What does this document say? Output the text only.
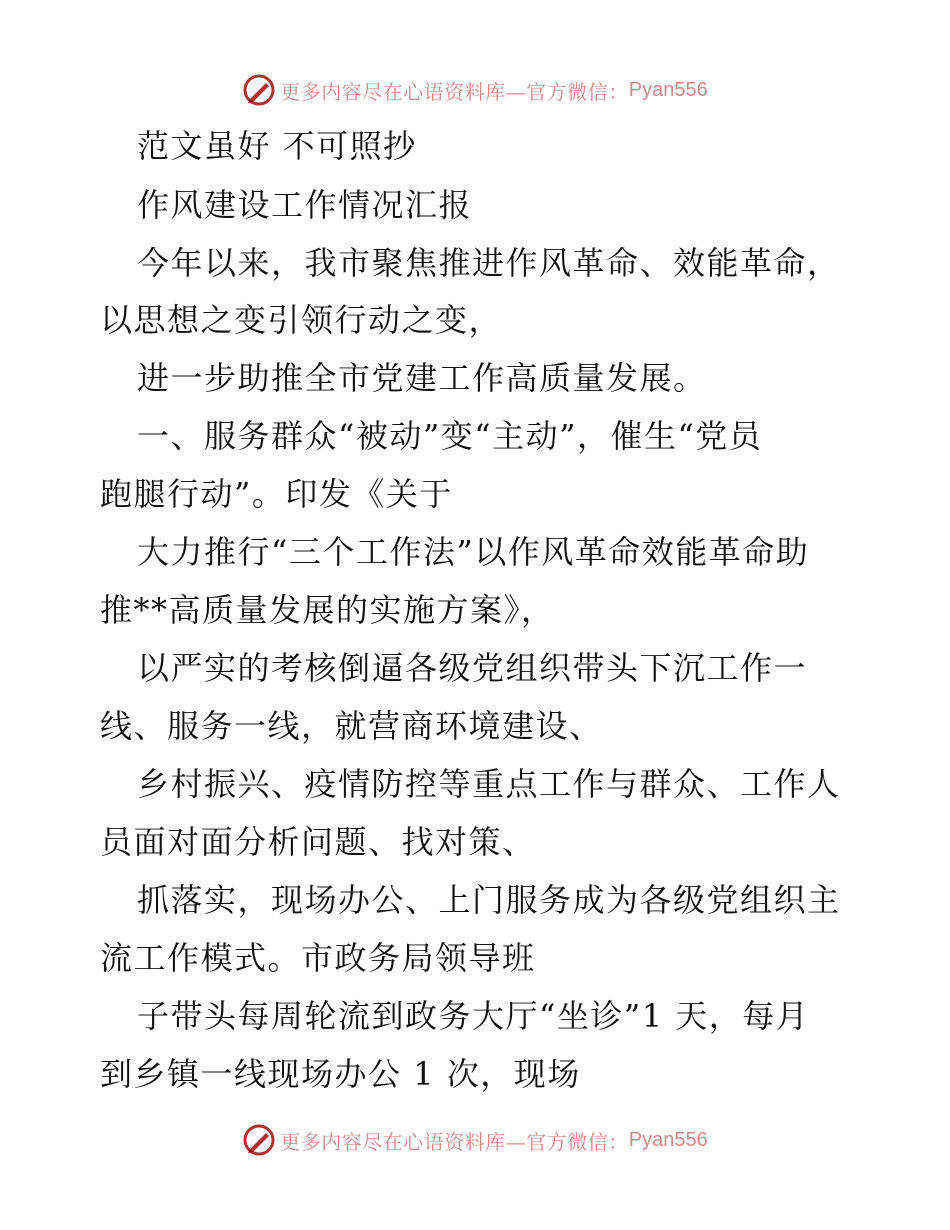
更多内容尽在心语资料库—官方微信： Pyan556
范文虽好 不可照抄
作风建设工作情况汇报
今年以来，我市聚焦推进作风革命、效能革命，
以思想之变引领行动之变，
进一步助推全市党建工作高质量发展。
一、服务群众“被动”变“主动”，催生“党员
跑腿行动”。印发《关于
大力推行“三个工作法”以作风革命效能革命助
推**高质量发展的实施方案》，
以严实的考核倒逼各级党组织带头下沉工作一
线、服务一线，就营商环境建设、
乡村振兴、疫情防控等重点工作与群众、工作人
员面对面分析问题、找对策、
抓落实，现场办公、上门服务成为各级党组织主
流工作模式。市政务局领导班
子带头每周轮流到政务大厅“坐诊”1 天，每月
到乡镇一线现场办公 1 次，现场
更多内容尽在心语资料库—官方微信： Pyan556
